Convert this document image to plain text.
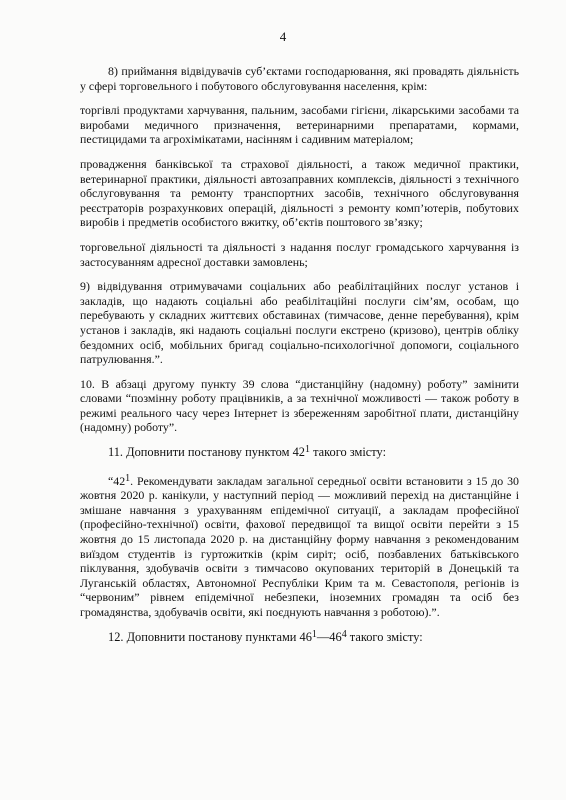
4

8) приймання відвідувачів суб’єктами господарювання, які провадять діяльність у сфері торговельного і побутового обслуговування населення, крім:

торгівлі продуктами харчування, пальним, засобами гігієни, лікарськими засобами та виробами медичного призначення, ветеринарними препаратами, кормами, пестицидами та агрохімікатами, насінням і садивним матеріалом;

провадження банківської та страхової діяльності, а також медичної практики, ветеринарної практики, діяльності автозаправних комплексів, діяльності з технічного обслуговування та ремонту транспортних засобів, технічного обслуговування реєстраторів розрахункових операцій, діяльності з ремонту комп’ютерів, побутових виробів і предметів особистого вжитку, об’єктів поштового зв’язку;

торговельної діяльності та діяльності з надання послуг громадського харчування із застосуванням адресної доставки замовлень;

9) відвідування отримувачами соціальних або реабілітаційних послуг установ і закладів, що надають соціальні або реабілітаційні послуги сім’ям, особам, що перебувають у складних життєвих обставинах (тимчасове, денне перебування), крім установ і закладів, які надають соціальні послуги екстрено (кризово), центрів обліку бездомних осіб, мобільних бригад соціально-психологічної допомоги, соціального патрулювання.”.

10. В абзаці другому пункту 39 слова “дистанційну (надомну) роботу” замінити словами “позмінну роботу працівників, а за технічної можливості — також роботу в режимі реального часу через Інтернет із збереженням заробітної плати, дистанційну (надомну) роботу”.

11. Доповнити постанову пунктом $42^1$ такого змісту:

“$42^1$. Рекомендувати закладам загальної середньої освіти встановити з 15 до 30 жовтня 2020 р. канікули, у наступний період — можливий перехід на дистанційне і змішане навчання з урахуванням епідемічної ситуації, а закладам професійної (професійно-технічної) освіти, фахової передвищої та вищої освіти перейти з 15 жовтня до 15 листопада 2020 р. на дистанційну форму навчання з рекомендованим виїздом студентів із гуртожитків (крім сиріт; осіб, позбавлених батьківського піклування, здобувачів освіти з тимчасово окупованих територій в Донецькій та Луганській областях, Автономної Республіки Крим та м. Севастополя, регіонів із “червоним” рівнем епідемічної небезпеки, іноземних громадян та осіб без громадянства, здобувачів освіти, які поєднують навчання з роботою).”.

12. Доповнити постанову пунктами $46^1—46^4$ такого змісту:
